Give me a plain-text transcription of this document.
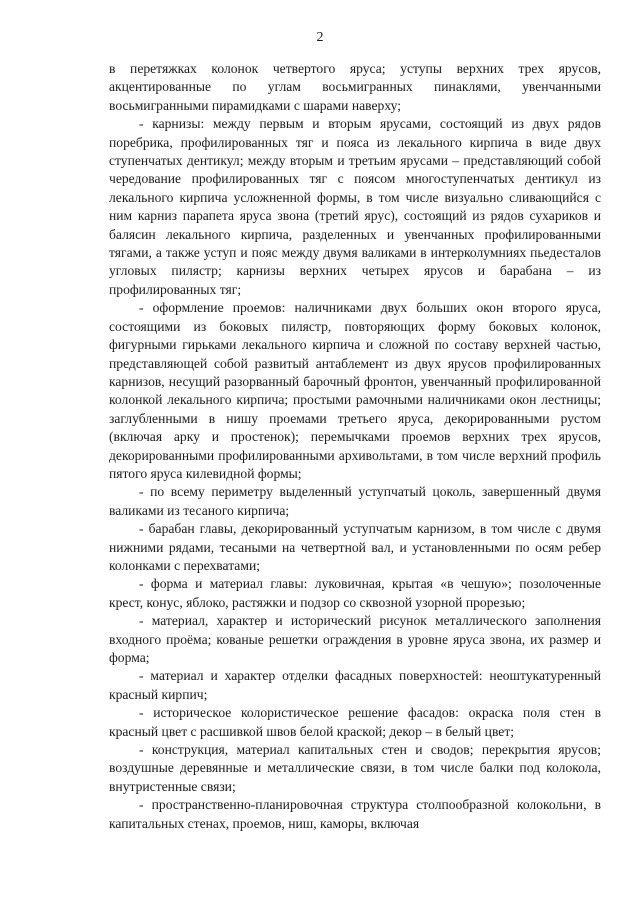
2

в перетяжках колонок четвертого яруса; уступы верхних трех ярусов, акцентированные по углам восьмигранных пинаклями, увенчанными восьмигранными пирамидками с шарами наверху;

- карнизы: между первым и вторым ярусами, состоящий из двух рядов поребрика, профилированных тяг и пояса из лекального кирпича в виде двух ступенчатых дентикул; между вторым и третьим ярусами – представляющий собой чередование профилированных тяг с поясом многоступенчатых дентикул из лекального кирпича усложненной формы, в том числе визуально сливающийся с ним карниз парапета яруса звона (третий ярус), состоящий из рядов сухариков и балясин лекального кирпича, разделенных и увенчанных профилированными тягами, а также уступ и пояс между двумя валиками в интерколумниях пьедесталов угловых пилястр; карнизы верхних четырех ярусов и барабана – из профилированных тяг;

- оформление проемов: наличниками двух больших окон второго яруса, состоящими из боковых пилястр, повторяющих форму боковых колонок, фигурными гирьками лекального кирпича и сложной по составу верхней частью, представляющей собой развитый антаблемент из двух ярусов профилированных карнизов, несущий разорванный барочный фронтон, увенчанный профилированной колонкой лекального кирпича; простыми рамочными наличниками окон лестницы; заглубленными в нишу проемами третьего яруса, декорированными рустом (включая арку и простенок); перемычками проемов верхних трех ярусов, декорированными профилированными архивольтами, в том числе верхний профиль пятого яруса килевидной формы;

- по всему периметру выделенный уступчатый цоколь, завершенный двумя валиками из тесаного кирпича;

- барабан главы, декорированный уступчатым карнизом, в том числе с двумя нижними рядами, тесаными на четвертной вал, и установленными по осям ребер колонками с перехватами;

- форма и материал главы: луковичная, крытая «в чешую»; позолоченные крест, конус, яблоко, растяжки и подзор со сквозной узорной прорезью;

- материал, характер и исторический рисунок металлического заполнения входного проёма; кованые решетки ограждения в уровне яруса звона, их размер и форма;

- материал и характер отделки фасадных поверхностей: неоштукатуренный красный кирпич;

- историческое колористическое решение фасадов: окраска поля стен в красный цвет с расшивкой швов белой краской; декор – в белый цвет;

- конструкция, материал капитальных стен и сводов; перекрытия ярусов; воздушные деревянные и металлические связи, в том числе балки под колокола, внутристенные связи;

- пространственно-планировочная структура столпообразной колокольни, в капитальных стенах, проемов, ниш, каморы, включая
